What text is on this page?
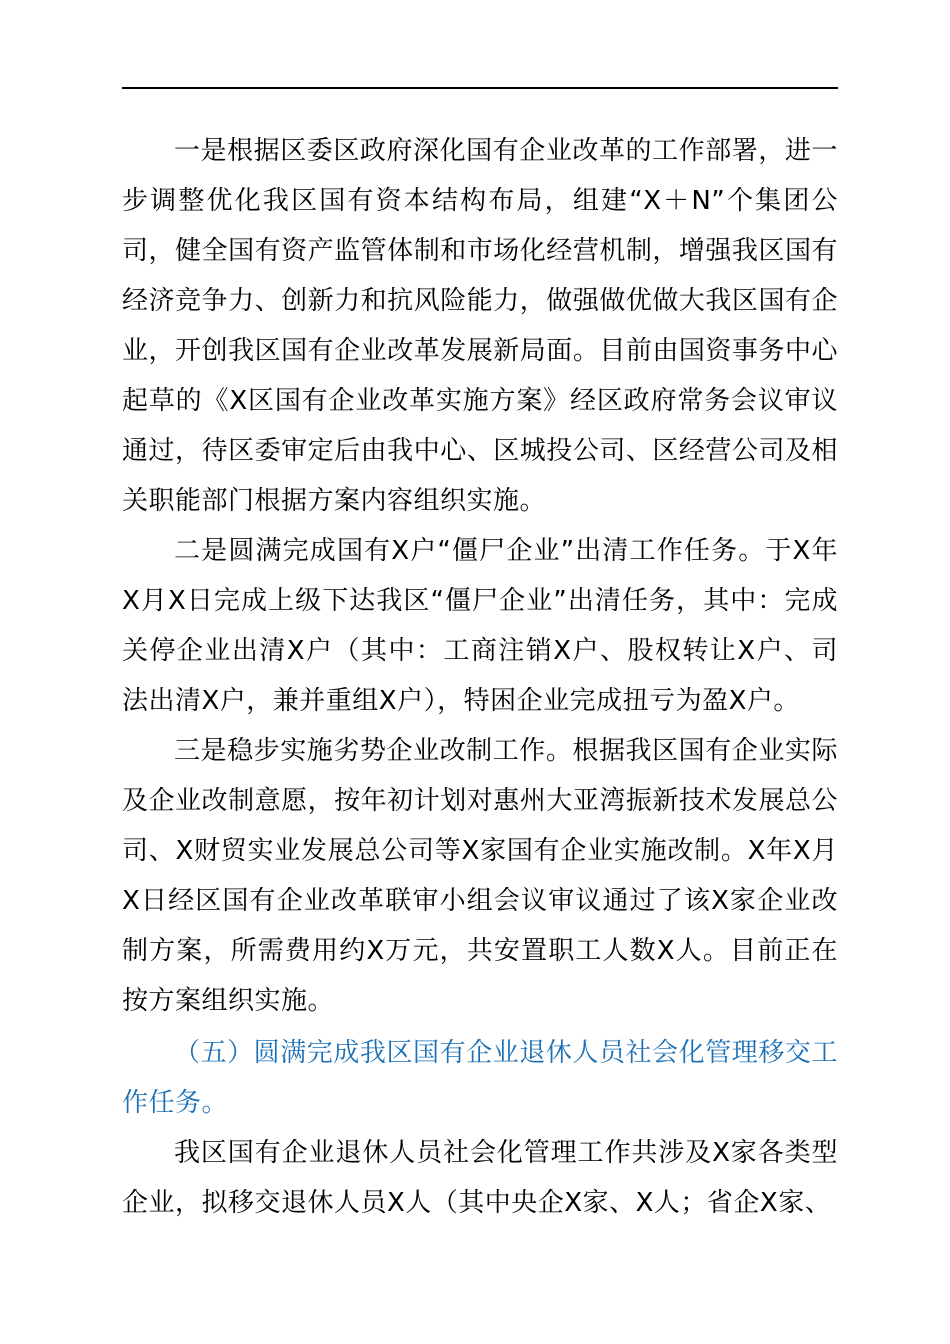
一是根据区委区政府深化国有企业改革的工作部署，进一步调整优化我区国有资本结构布局，组建“X＋N”个集团公司，健全国有资产监管体制和市场化经营机制，增强我区国有经济竞争力、创新力和抗风险能力，做强做优做大我区国有企业，开创我区国有企业改革发展新局面。目前由国资事务中心起草的《X区国有企业改革实施方案》经区政府常务会议审议通过，待区委审定后由我中心、区城投公司、区经营公司及相关职能部门根据方案内容组织实施。

二是圆满完成国有X户“僵尸企业”出清工作任务。于X年X月X日完成上级下达我区“僵尸企业”出清任务，其中：完成关停企业出清X户（其中：工商注销X户、股权转让X户、司法出清X户，兼并重组X户），特困企业完成扭亏为盈X户。

三是稳步实施劣势企业改制工作。根据我区国有企业实际及企业改制意愿，按年初计划对惠州大亚湾振新技术发展总公司、X财贸实业发展总公司等X家国有企业实施改制。X年X月X日经区国有企业改革联审小组会议审议通过了该X家企业改制方案，所需费用约X万元，共安置职工人数X人。目前正在按方案组织实施。

（五）圆满完成我区国有企业退休人员社会化管理移交工作任务。

我区国有企业退休人员社会化管理工作共涉及X家各类型企业，拟移交退休人员X人（其中央企X家、X人；省企X家、
